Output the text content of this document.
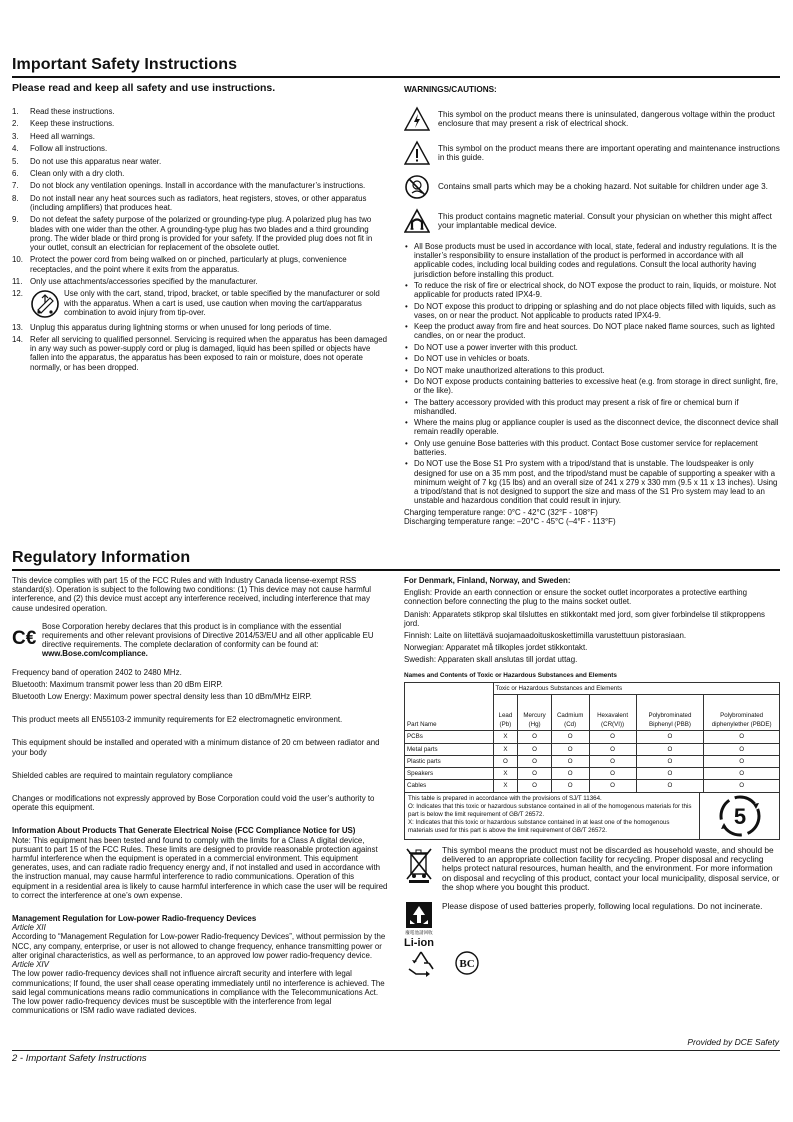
Important Safety Instructions
Please read and keep all safety and use instructions.
1. Read these instructions.
2. Keep these instructions.
3. Heed all warnings.
4. Follow all instructions.
5. Do not use this apparatus near water.
6. Clean only with a dry cloth.
7. Do not block any ventilation openings. Install in accordance with the manufacturer’s instructions.
8. Do not install near any heat sources such as radiators, heat registers, stoves, or other apparatus (including amplifiers) that produces heat.
9. Do not defeat the safety purpose of the polarized or grounding-type plug. A polarized plug has two blades with one wider than the other. A grounding-type plug has two blades and a third grounding prong. The wider blade or third prong is provided for your safety. If the provided plug does not fit in your outlet, consult an electrician for replacement of the obsolete outlet.
10. Protect the power cord from being walked on or pinched, particularly at plugs, convenience receptacles, and the point where it exits from the apparatus.
11. Only use attachments/accessories specified by the manufacturer.
12.	Use only with the cart, stand, tripod, bracket, or table specified by the manufacturer or sold with the apparatus. When a cart is used, use caution when moving the cart/apparatus combination to avoid injury from tip-over.
13. Unplug this apparatus during lightning storms or when unused for long periods of time.
14. Refer all servicing to qualified personnel. Servicing is required when the apparatus has been damaged in any way such as power-supply cord or plug is damaged, liquid has been spilled or objects have fallen into the apparatus, the apparatus has been exposed to rain or moisture, does not operate normally, or has been dropped.
WARNINGS/CAUTIONS:
This symbol on the product means there is uninsulated, dangerous voltage within the product enclosure that may present a risk of electrical shock.
This symbol on the product means there are important operating and maintenance instructions in this guide.
Contains small parts which may be a choking hazard. Not suitable for children under age 3.
This product contains magnetic material. Consult your physician on whether this might affect your implantable medical device.
• All Bose products must be used in accordance with local, state, federal and industry regulations. It is the installer’s responsibility to ensure installation of the product is performed in accordance with all applicable codes, including local building codes and regulations. Consult the local authority having jurisdiction before installing this product.
• To reduce the risk of fire or electrical shock, do NOT expose the product to rain, liquids, or moisture. Not applicable for products rated IPX4-9.
• Do NOT expose this product to dripping or splashing and do not place objects filled with liquids, such as vases, on or near the product. Not applicable to products rated IPX4-9.
• Keep the product away from fire and heat sources. Do NOT place naked flame sources, such as lighted candles, on or near the product.
• Do NOT use a power inverter with this product.
• Do NOT use in vehicles or boats.
• Do NOT make unauthorized alterations to this product.
• Do NOT expose products containing batteries to excessive heat (e.g. from storage in direct sunlight, fire, or the like).
• The battery accessory provided with this product may present a risk of fire or chemical burn if mishandled.
• Where the mains plug or appliance coupler is used as the disconnect device, the disconnect device shall remain readily operable.
• Only use genuine Bose batteries with this product. Contact Bose customer service for replacement batteries.
• Do NOT use the Bose S1 Pro system with a tripod/stand that is unstable. The loudspeaker is only designed for use on a 35 mm post, and the tripod/stand must be capable of supporting a speaker with a minimum weight of 7 kg (15 lbs) and an overall size of 241 x 279 x 330 mm (9.5 x 11 x 13 inches). Using a tripod/stand that is not designed to support the size and mass of the S1 Pro system may lead to an unstable and hazardous condition that could result in injury.
Charging temperature range: 0°C - 42°C (32°F - 108°F)
Discharging temperature range: –20°C - 45°C (–4°F - 113°F)
Regulatory Information
This device complies with part 15 of the FCC Rules and with Industry Canada license-exempt RSS standard(s). Operation is subject to the following two conditions: (1) This device may not cause harmful interference, and (2) this device must accept any interference received, including interference that may cause undesired operation.
C€
Bose Corporation hereby declares that this product is in compliance with the essential requirements and other relevant provisions of Directive 2014/53/EU and all other applicable EU directive requirements. The complete declaration of conformity can be found at:
www.Bose.com/compliance.
Frequency band of operation 2402 to 2480 MHz.
Bluetooth: Maximum transmit power less than 20 dBm EIRP.
Bluetooth Low Energy: Maximum power spectral density less than 10 dBm/MHz EIRP.
This product meets all EN55103-2 immunity requirements for E2 electromagnetic environment.
This equipment should be installed and operated with a minimum distance of 20 cm between radiator and your body
Shielded cables are required to maintain regulatory compliance
Changes or modifications not expressly approved by Bose Corporation could void the user’s authority to operate this equipment.
Information About Products That Generate Electrical Noise (FCC Compliance Notice for US)
Note: This equipment has been tested and found to comply with the limits for a Class A digital device, pursuant to part 15 of the FCC Rules. These limits are designed to provide reasonable protection against harmful interference when the equipment is operated in a commercial environment. This equipment generates, uses, and can radiate radio frequency energy and, if not installed and used in accordance with the instruction manual, may cause harmful interference to radio communications. Operation of this equipment in a residential area is likely to cause harmful interference in which case the user will be required to correct the interference at one’s own expense.
Management Regulation for Low-power Radio-frequency Devices
Article XII
According to “Management Regulation for Low-power Radio-frequency Devices”, without permission by the NCC, any company, enterprise, or user is not allowed to change frequency, enhance transmitting power or alter original characteristics, as well as performance, to an approved low power radio-frequency device.
Article XIV
The low power radio-frequency devices shall not influence aircraft security and interfere with legal communications; If found, the user shall cease operating immediately until no interference is achieved. The said legal communications means radio communications in compliance with the Telecommunications Act.
The low power radio-frequency devices must be susceptible with the interference from legal communications or ISM radio wave radiated devices.
For Denmark, Finland, Norway, and Sweden:
English: Provide an earth connection or ensure the socket outlet incorporates a protective earthing connection before connecting the plug to the mains socket outlet.
Danish: Apparatets stikprop skal tilsluttes en stikkontakt med jord, som giver forbindelse til stikproppens jord.
Finnish: Laite on liitettävä suojamaadoituskoskettimilla varustettuun pistorasiaan.
Norwegian: Apparatet må tilkoples jordet stikkontakt.
Swedish: Apparaten skall anslutas till jordat uttag.
Names and Contents of Toxic or Hazardous Substances and Elements
Part Name	Toxic or Hazardous Substances and Elements					
	Lead (Pb)	Mercury (Hg)	Cadmium (Cd)	Hexavalent (CR(VI))	Polybrominated Biphenyl (PBB)	Polybrominated diphenylether (PBDE)
PCBs	X	O	O	O	O	O
Metal parts	X	O	O	O	O	O
Plastic parts	O	O	O	O	O	O
Speakers	X	O	O	O	O	O
Cables	X	O	O	O	O	O
This table is prepared in accordance with the provisions of SJ/T 11364.
O: Indicates that this toxic or hazardous substance contained in all of the homogenous materials for this part is below the limit requirement of GB/T 26572.
X: Indicates that this toxic or hazardous substance contained in at least one of the homogenous materials used for this part is above the limit requirement of GB/T 26572.
5
This symbol means the product must not be discarded as household waste, and should be delivered to an appropriate collection facility for recycling. Proper disposal and recycling helps protect natural resources, human health, and the environment. For more information on disposal and recycling of this product, contact your local municipality, disposal service, or the shop where you bought this product.
廢電池請回收
Please dispose of used batteries properly, following local regulations. Do not incinerate.
Li-ion
BC
Provided by DCE Safety
2 - Important Safety Instructions
